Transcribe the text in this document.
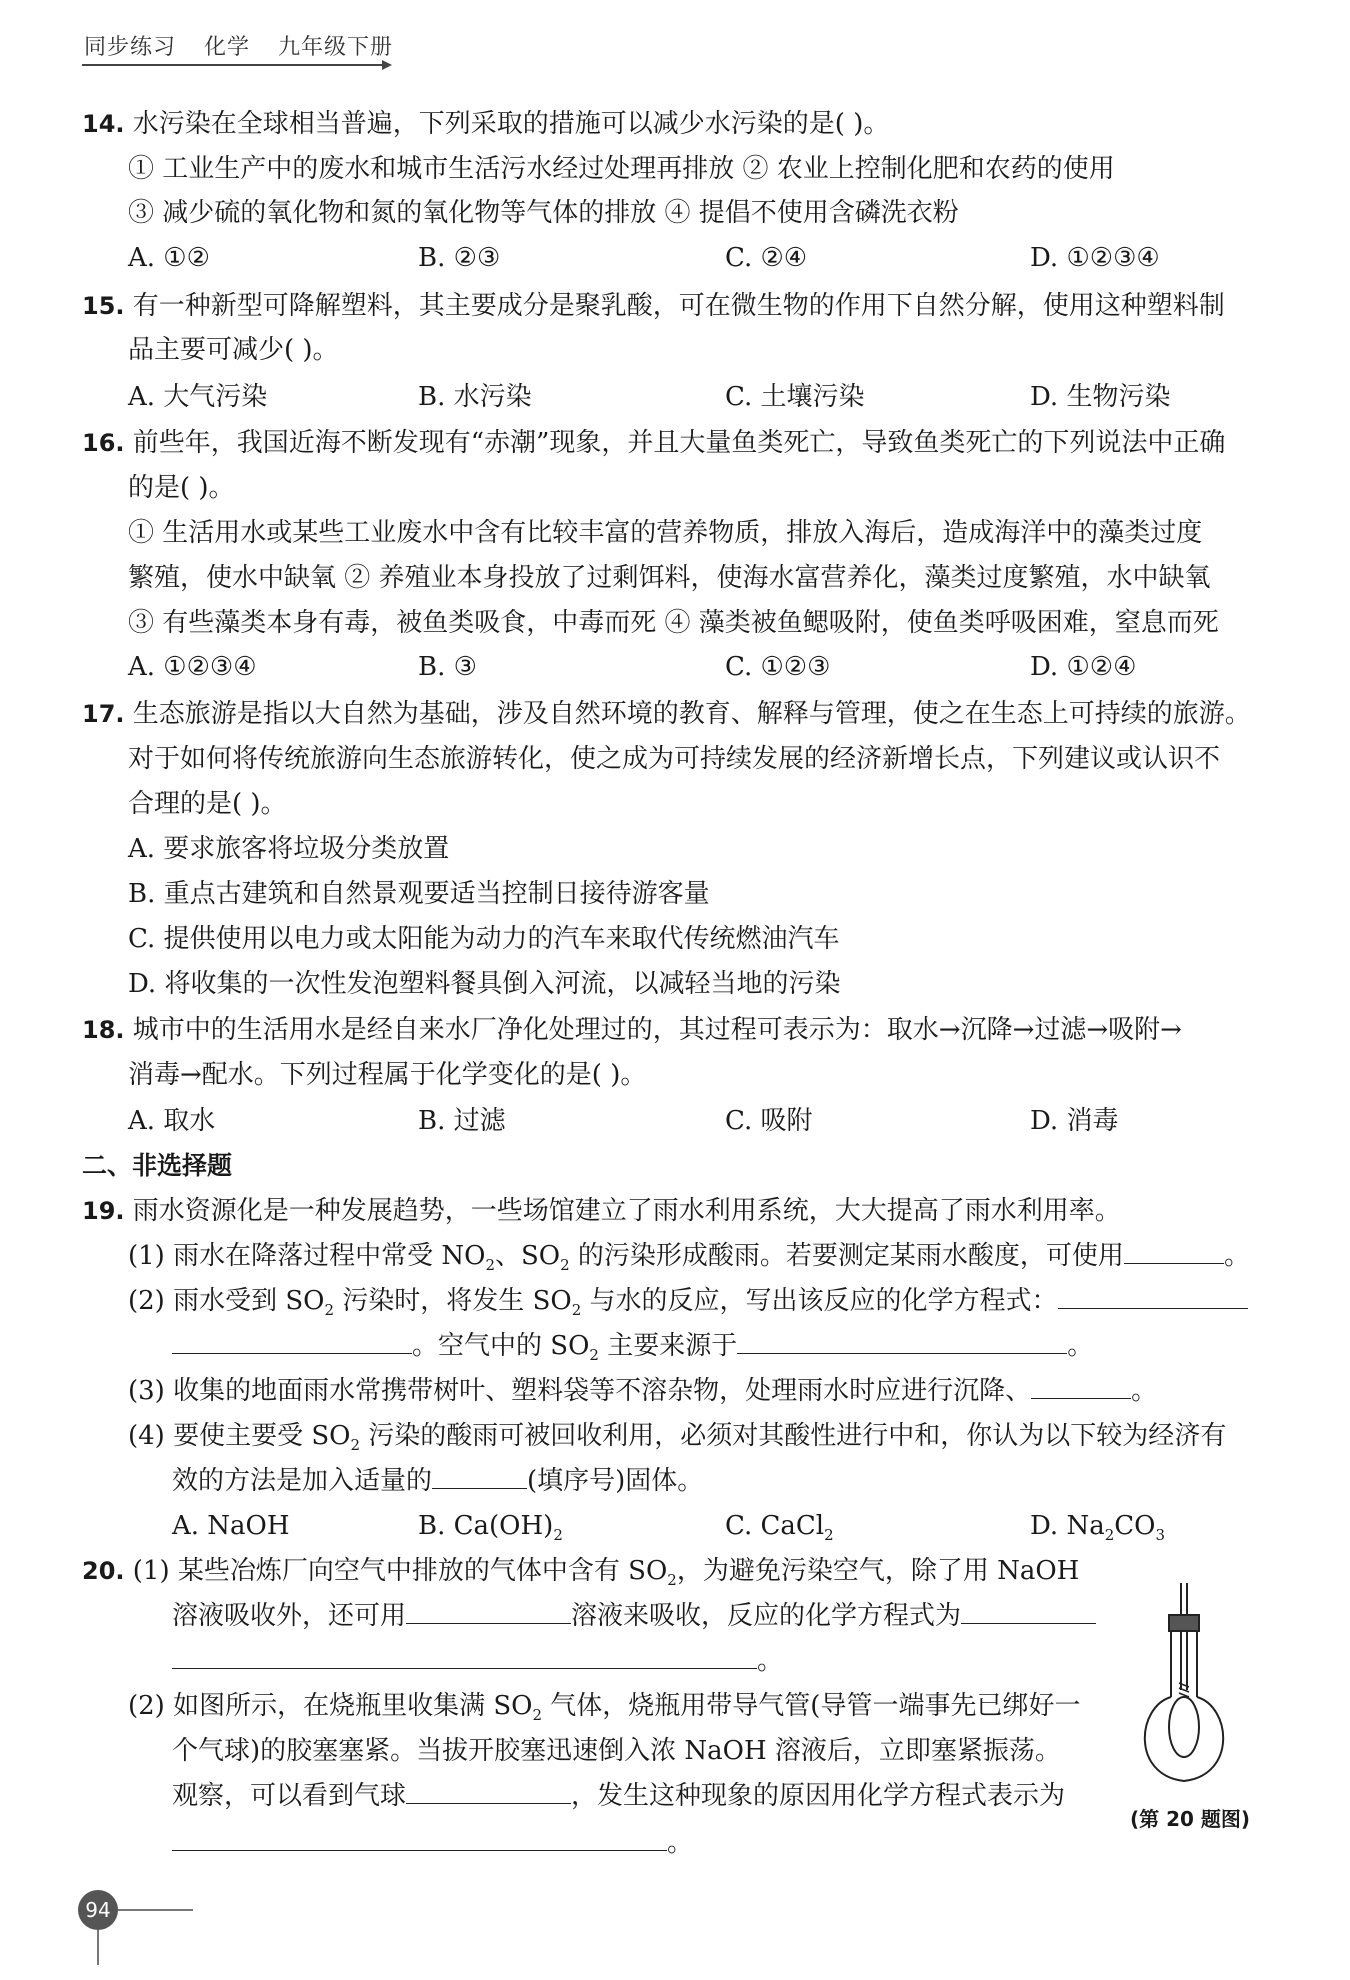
同步练习 化学 九年级下册
14. 水污染在全球相当普遍，下列采取的措施可以减少水污染的是( )。
① 工业生产中的废水和城市生活污水经过处理再排放 ② 农业上控制化肥和农药的使用
③ 减少硫的氧化物和氮的氧化物等气体的排放 ④ 提倡不使用含磷洗衣粉
A. ①②	B. ②③	C. ②④	D. ①②③④
15. 有一种新型可降解塑料，其主要成分是聚乳酸，可在微生物的作用下自然分解，使用这种塑料制
品主要可减少( )。
A. 大气污染	B. 水污染	C. 土壤污染	D. 生物污染
16. 前些年，我国近海不断发现有“赤潮”现象，并且大量鱼类死亡，导致鱼类死亡的下列说法中正确
的是( )。
① 生活用水或某些工业废水中含有比较丰富的营养物质，排放入海后，造成海洋中的藻类过度
繁殖，使水中缺氧 ② 养殖业本身投放了过剩饵料，使海水富营养化，藻类过度繁殖，水中缺氧
③ 有些藻类本身有毒，被鱼类吸食，中毒而死 ④ 藻类被鱼鳃吸附，使鱼类呼吸困难，窒息而死
A. ①②③④	B. ③	C. ①②③	D. ①②④
17. 生态旅游是指以大自然为基础，涉及自然环境的教育、解释与管理，使之在生态上可持续的旅游。
对于如何将传统旅游向生态旅游转化，使之成为可持续发展的经济新增长点，下列建议或认识不
合理的是( )。
A. 要求旅客将垃圾分类放置
B. 重点古建筑和自然景观要适当控制日接待游客量
C. 提供使用以电力或太阳能为动力的汽车来取代传统燃油汽车
D. 将收集的一次性发泡塑料餐具倒入河流，以减轻当地的污染
18. 城市中的生活用水是经自来水厂净化处理过的，其过程可表示为：取水→沉降→过滤→吸附→
消毒→配水。下列过程属于化学变化的是( )。
A. 取水	B. 过滤	C. 吸附	D. 消毒
二、非选择题
19. 雨水资源化是一种发展趋势，一些场馆建立了雨水利用系统，大大提高了雨水利用率。
(1) 雨水在降落过程中常受 $NO_2$、$SO_2$ 的污染形成酸雨。若要测定某雨水酸度，可使用	。
(2) 雨水受到 $SO_2$ 污染时，将发生 $SO_2$ 与水的反应，写出该反应的化学方程式：
。空气中的 $SO_2$ 主要来源于	。
(3) 收集的地面雨水常携带树叶、塑料袋等不溶杂物，处理雨水时应进行沉降、	。
(4) 要使主要受 $SO_2$ 污染的酸雨可被回收利用，必须对其酸性进行中和，你认为以下较为经济有
效的方法是加入适量的	(填序号)固体。
A. NaOH	B. $Ca(OH)_2$	C. CaCl$_2$	D. $Na_2CO_3$
20. (1) 某些冶炼厂向空气中排放的气体中含有 $SO_2$，为避免污染空气，除了用 NaOH
溶液吸收外，还可用	溶液来吸收，反应的化学方程式为
。
(2) 如图所示，在烧瓶里收集满 $SO_2$ 气体，烧瓶用带导气管(导管一端事先已绑好一
个气球)的胶塞塞紧。当拔开胶塞迅速倒入浓 NaOH 溶液后，立即塞紧振荡。
观察，可以看到气球	，发生这种现象的原因用化学方程式表示为
。
(第 20 题图)
94
